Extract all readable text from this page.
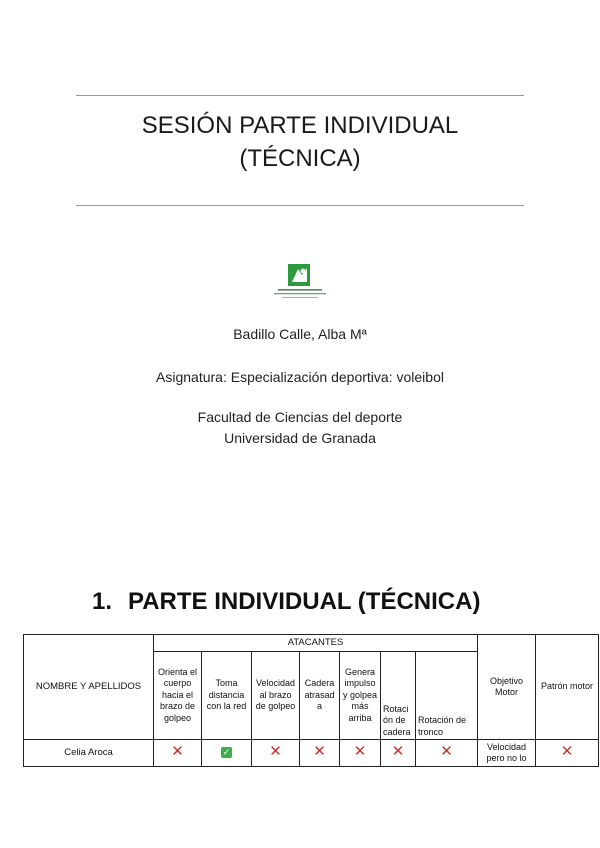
SESIÓN PARTE INDIVIDUAL
(TÉCNICA)
Badillo Calle, Alba Mª
Asignatura: Especialización deportiva: voleibol
Facultad de Ciencias del deporte
Universidad de Granada
1. PARTE INDIVIDUAL (TÉCNICA)
NOMBRE Y APELLIDOS	ATACANTES							Objetivo Motor	Patrón motor
	Orienta el cuerpo hacia el brazo de golpeo	Toma distancia con la red	Velocidad al brazo de golpeo	Cadera atrasad a	Genera impulso y golpea más arriba	Rotaci ón de cadera	Rotación de tronco		
Celia Aroca	✕	✓	✕	✕	✕	✕	✕	Velocidad pero no lo	✕
